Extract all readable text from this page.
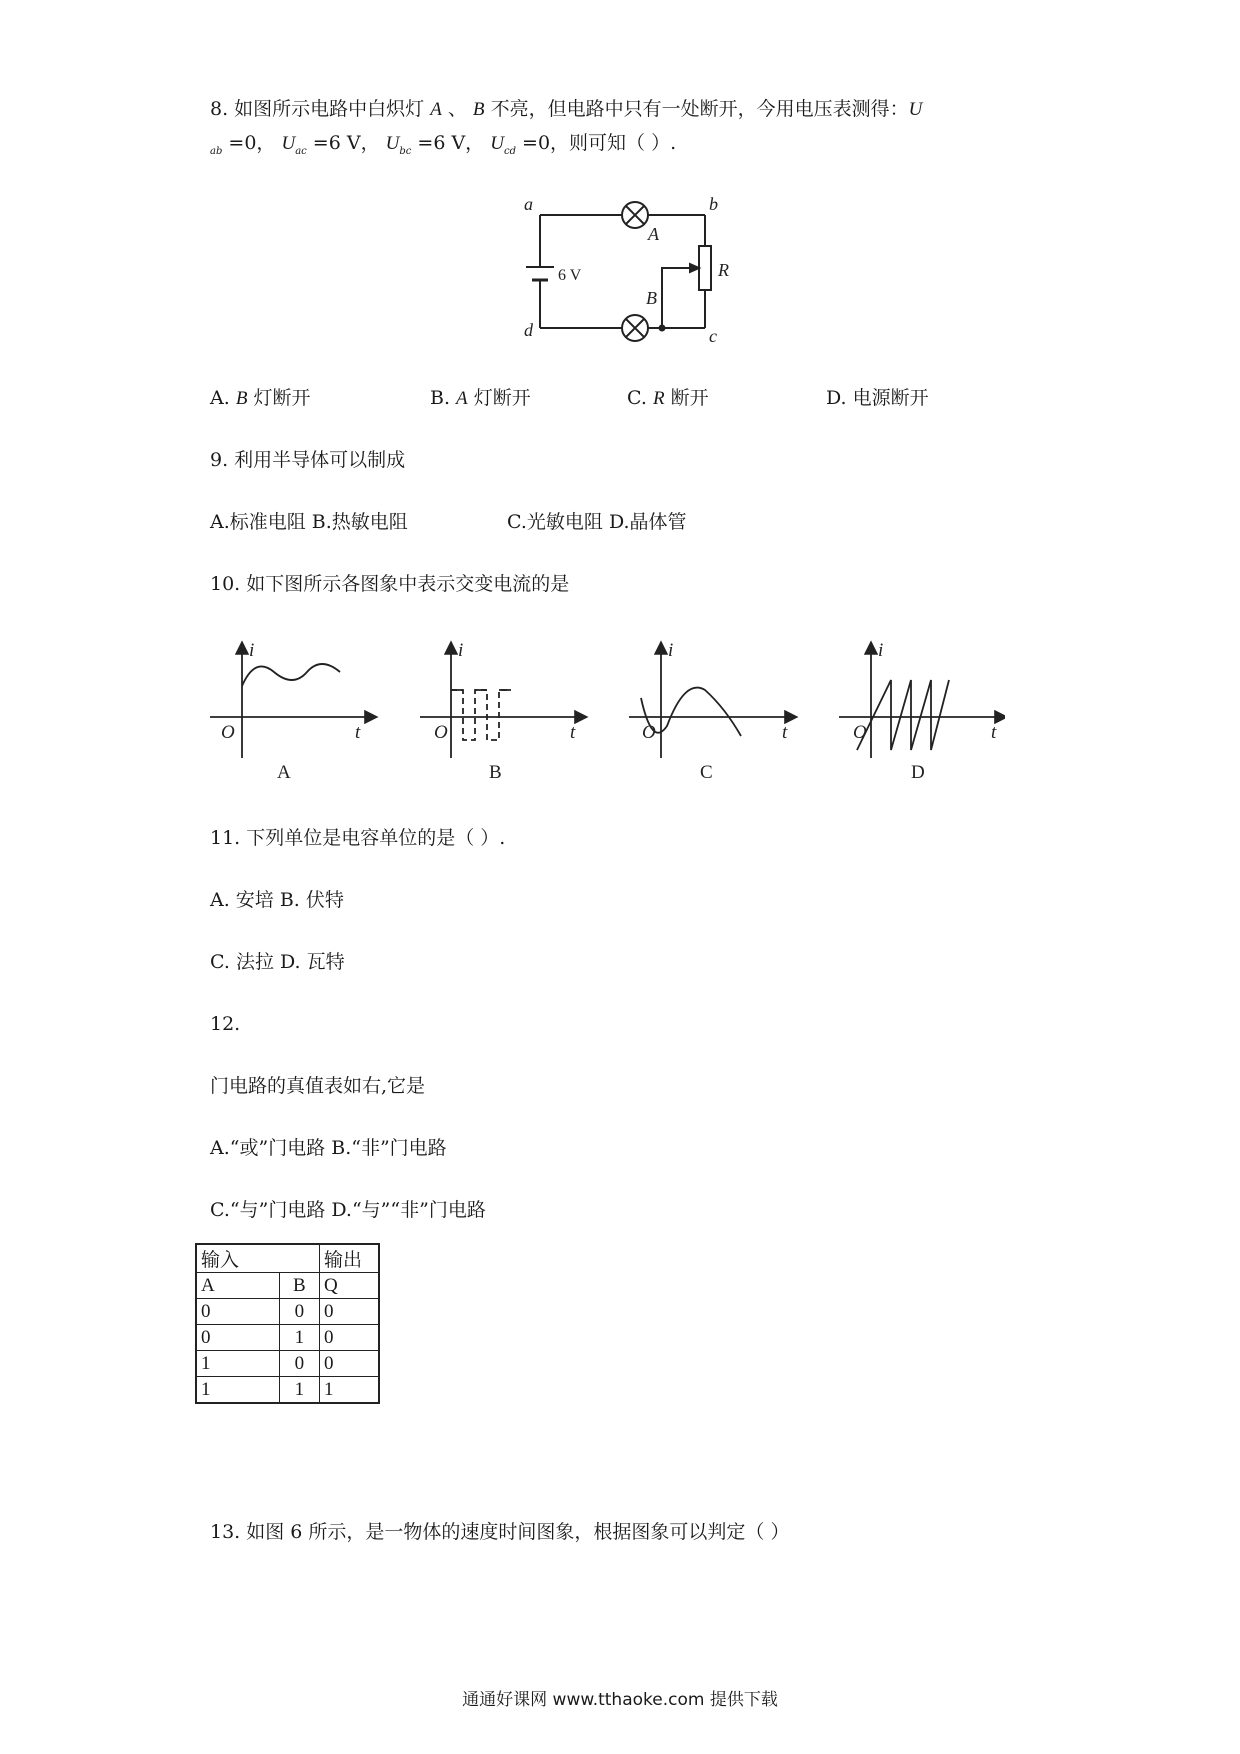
8. 如图所示电路中白炽灯 A 、 B 不亮，但电路中只有一处断开，今用电压表测得：U
$_{ab}$ =0， $U_{ac} =6$ V， $U_{bc} =6$ V， $U_{cd} =0$，则可知（ ）.
a	b
c
d
A
B
R
6 V
A. B 灯断开	B. A 灯断开	C. R 断开	D. 电源断开
9. 利用半导体可以制成
A.标准电阻 B.热敏电阻	C.光敏电阻 D.晶体管
10. 如下图所示各图象中表示交变电流的是
i
t
O
i
t
O
i
t
O
i
t
O
A	B	C	D
11. 下列单位是电容单位的是（ ）.
A. 安培 B. 伏特
C. 法拉 D. 瓦特
12.
门电路的真值表如右,它是
A.“或”门电路 B.“非”门电路
C.“与”门电路 D.“与”“非”门电路
输入		输出
A	B	Q
0	0	0
0	1	0
1	0	0
1	1	1
13. 如图 6 所示，是一物体的速度时间图象，根据图象可以判定（ ）
通通好课网 www.tthaoke.com 提供下载
